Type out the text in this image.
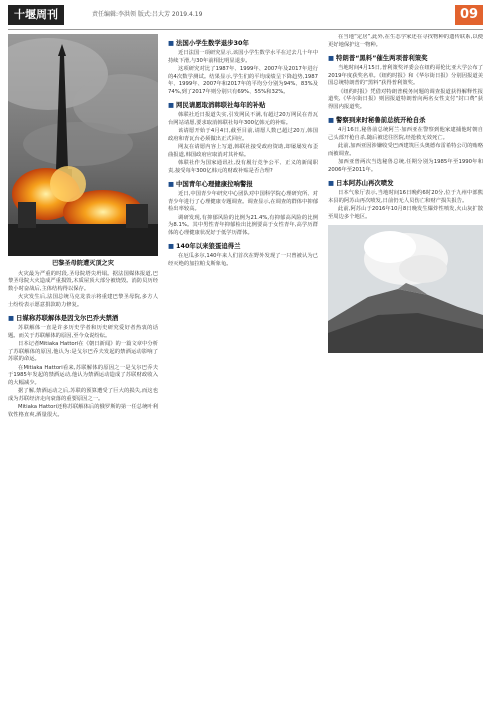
十堰周刊	责任编辑:李洪领 版式:吕大芳 2019.4.19	09
巴黎圣母院遭灭顶之灾

火灾最为严重的时段,圣母院塔尖坍塌。据法国媒体报道,巴黎圣母院大火造成严重损毁,木质屋顶大部分被烧毁。消防员历经数小时奋战后,主体结构得以保存。

火灾发生后,法国总统马克龙表示将重建巴黎圣母院,多方人士纷纷表示愿意捐款助力修复。

■ 日媒称苏联解体是因戈尔巴乔夫禁酒

苏联解体一直是许多历史学者和历史研究爱好者热衷的话题。而关于苏联解体的原因,至今众说纷纭。

日本记者Mitiaka Hattori在《朝日新闻》的一篇文章中分析了苏联解体的原因,他认为:是戈尔巴乔夫发起的禁酒运动影响了苏联的命运。

在Mitiaka Hattori看来,苏联解体的原因之一是戈尔巴乔夫于1985年发起的禁酒运动,他认为禁酒运动造成了苏联财政收入的大幅减少。

据了解,禁酒运动之后,苏联的预算遭受了巨大的损失,而这也成为苏联经济走向衰落的重要原因之一。

Mitiaka Hattori还称苏联解体后的俄罗斯的第一任总统叶利钦性格直爽,酒量很大。

■ 法国小学生数学退步30年

近日法国一项研究显示,该国小学生数学水平在过去几十年中持续下滑,与30年前相比明显退步。

这项研究对比了1987年、1999年、2007年及2017年进行的4次数学测试。结果显示,学生们的平均成绩呈下降趋势,1987年、1999年、2007年和2017年的平均分分别为94%、83%及74%,到了2017年则分别只有69%、55%和32%。

■ 网民请愿取消韩联社每年的补贴

韩联社近日报道失实,引发网民不满,有超过20万网民在青瓦台网站请愿,要求取消韩联社每年300亿韩元的补贴。

该请愿开始于4月4日,截至目前,请愿人数已超过20万,韩国政府和青瓦台必须做出正式回应。

网友在请愿内容上写道,韩联社接受政府资助,却屡屡发布歪曲报道,韩国政府应取消对其补贴。

韩联社作为国家通讯社,没有履行竞争公平、正义的新闻职责,接受每年300亿韩元的财政补贴是否合理?

■ 中国青年心理健康拉响警报

近日,中国青少年研究中心团队对中国科学院心理研究所、对青少年进行了心理健康专题调查。调查显示,在调查的群体中抑郁检出率较高。

调研发现,有抑郁风险的比例为21.4%,有抑郁高风险的比例为8.1%。其中男性青年抑郁检出比例要高于女性青年,高学历群体的心理健康状况好于低学历群体。

■ 140年以来狼蛋追得兰

在厄瓜多尔,140年来人们首次在野外发现了一只曾被认为已经灭绝的加拉帕戈斯象龟。

在当地“定居”,此外,在生态学家还在寻找物种的遗传联系,以便更好地保护这一物种。

■ 特朗普“黑料”催生两项普利策奖

当地时间4月15日,普利策奖评委会在纽约哥伦比亚大学公布了2019年度获奖名单。《纽约时报》和《华尔街日报》分别因报道美国总统特朗普的“黑料”获得普利策奖。

《纽约时报》凭借对特朗普税务问题的调查报道获得解释性报道奖,《华尔街日报》则因报道特朗普向两名女性支付“封口费”获得国内报道奖。

■ 警察到来时秘鲁前总统开枪自杀

4月16日,秘鲁前总统阿兰·加西亚在警察到他家逮捕他时朝自己头部开枪自杀,随后被送往医院,经抢救无效死亡。

此前,加西亚因涉嫌收受巴西建筑巨头奥德布雷希特公司的贿赂而被调查。

加西亚曾两次当选秘鲁总统,任期分别为1985年至1990年和2006年至2011年。

■ 日本阿苏山再次喷发

日本气象厅表示,当地时间16日晚约6时20分,位于九州中部熊本县的阿苏山再次喷发,日前仍无人员伤亡和财产损失报告。

此前,阿苏山于2016年10月8日晚发生爆炸性喷发,火山灰扩散至周边多个地区。
